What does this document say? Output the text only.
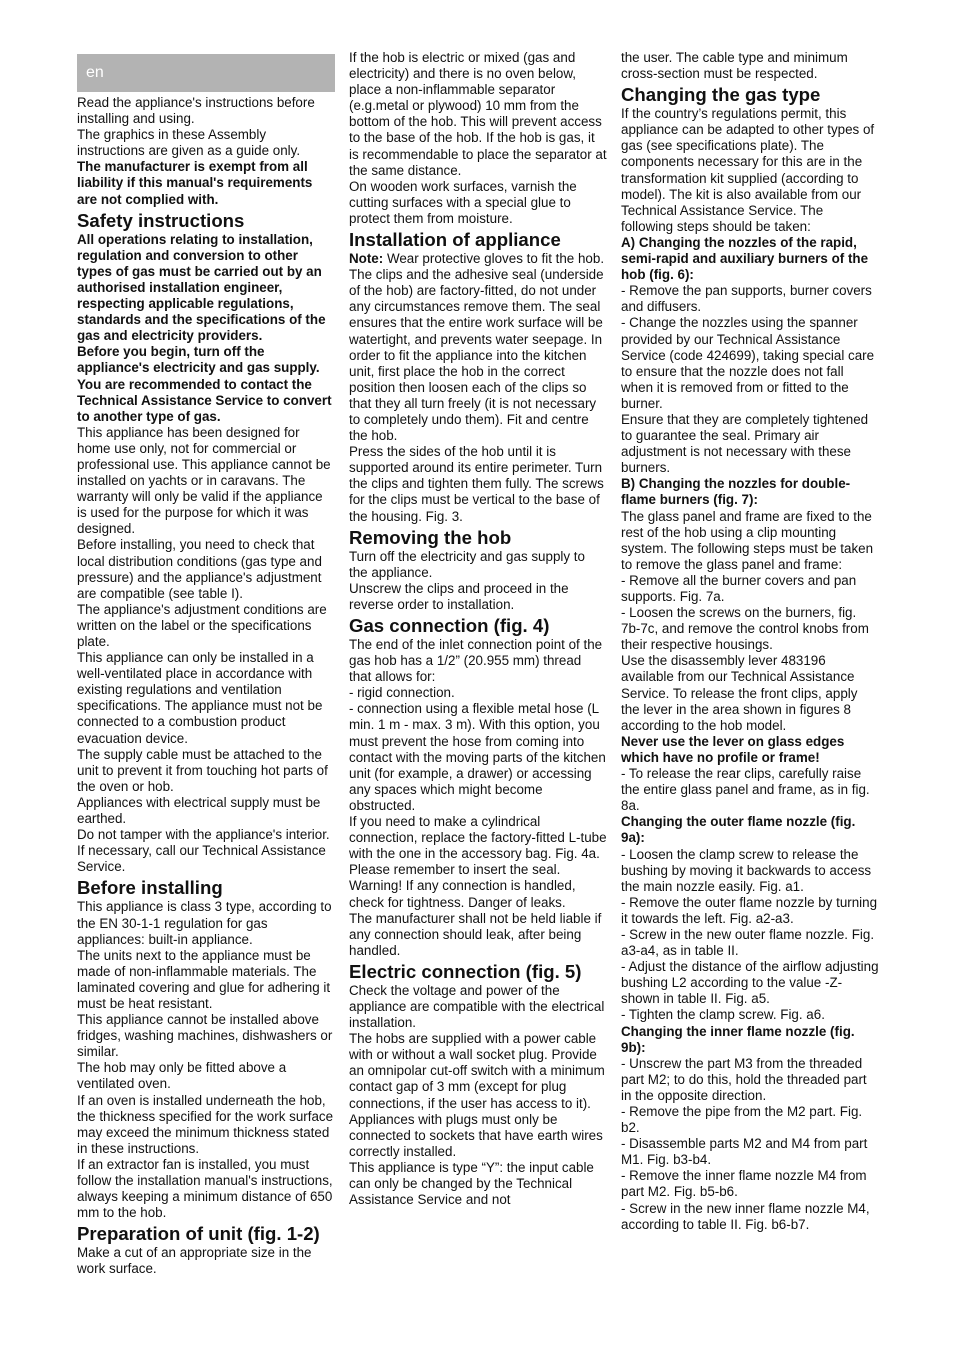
en

Read the appliance's instructions before installing and using.

The graphics in these Assembly instructions are given as a guide only.

The manufacturer is exempt from all liability if this manual's requirements are not complied with.

Safety instructions

All operations relating to installation, regulation and conversion to other types of gas must be carried out by an authorised installation engineer, respecting applicable regulations, standards and the specifications of the gas and electricity providers.

Before you begin, turn off the appliance's electricity and gas supply.

You are recommended to contact the Technical Assistance Service to convert to another type of gas.

This appliance has been designed for home use only, not for commercial or professional use. This appliance cannot be installed on yachts or in caravans. The warranty will only be valid if the appliance is used for the purpose for which it was designed.

Before installing, you need to check that local distribution conditions (gas type and pressure) and the appliance's adjustment are compatible (see table I).

The appliance's adjustment conditions are written on the label or the specifications plate.

This appliance can only be installed in a well-ventilated place in accordance with existing regulations and ventilation specifications. The appliance must not be connected to a combustion product evacuation device.

The supply cable must be attached to the unit to prevent it from touching hot parts of the oven or hob.

Appliances with electrical supply must be earthed.

Do not tamper with the appliance's interior. If necessary, call our Technical Assistance Service.

Before installing

This appliance is class 3 type, according to the EN 30-1-1 regulation for gas appliances: built-in appliance.

The units next to the appliance must be made of non-inflammable materials. The laminated covering and glue for adhering it must be heat resistant.

This appliance cannot be installed above fridges, washing machines, dishwashers or similar.

The hob may only be fitted above a ventilated oven.

If an oven is installed underneath the hob, the thickness specified for the work surface may exceed the minimum thickness stated in these instructions.

If an extractor fan is installed, you must follow the installation manual's instructions, always keeping a minimum distance of 650 mm to the hob.

Preparation of unit (fig. 1-2)

Make a cut of an appropriate size in the work surface.

If the hob is electric or mixed (gas and electricity) and there is no oven below, place a non-inflammable separator (e.g.metal or plywood) 10 mm from the bottom of the hob. This will prevent access to the base of the hob. If the hob is gas, it is recommendable to place the separator at the same distance.

On wooden work surfaces, varnish the cutting surfaces with a special glue to protect them from moisture.

Installation of appliance

Note: Wear protective gloves to fit the hob.

The clips and the adhesive seal (underside of the hob) are factory-fitted, do not under any circumstances remove them. The seal ensures that the entire work surface will be watertight, and prevents water seepage. In order to fit the appliance into the kitchen unit, first place the hob in the correct position then loosen each of the clips so that they all turn freely (it is not necessary to completely undo them). Fit and centre the hob.

Press the sides of the hob until it is supported around its entire perimeter. Turn the clips and tighten them fully. The screws for the clips must be vertical to the base of the housing. Fig. 3.

Removing the hob

Turn off the electricity and gas supply to the appliance.

Unscrew the clips and proceed in the reverse order to installation.

Gas connection (fig. 4)

The end of the inlet connection point of the gas hob has a 1/2” (20.955 mm) thread that allows for:

- rigid connection.

- connection using a flexible metal hose (L min. 1 m - max. 3 m). With this option, you must prevent the hose from coming into contact with the moving parts of the kitchen unit (for example, a drawer) or accessing any spaces which might become obstructed.

If you need to make a cylindrical connection, replace the factory-fitted L-tube with the one in the accessory bag. Fig. 4a.

Please remember to insert the seal.

Warning! If any connection is handled, check for tightness. Danger of leaks.

The manufacturer shall not be held liable if any connection should leak, after being handled.

Electric connection (fig. 5)

Check the voltage and power of the appliance are compatible with the electrical installation.

The hobs are supplied with a power cable with or without a wall socket plug. Provide an omnipolar cut-off switch with a minimum contact gap of 3 mm (except for plug connections, if the user has access to it).

Appliances with plugs must only be connected to sockets that have earth wires correctly installed.

This appliance is type “Y”: the input cable can only be changed by the Technical Assistance Service and not

the user. The cable type and minimum cross-section must be respected.

Changing the gas type

If the country’s regulations permit, this appliance can be adapted to other types of gas (see specifications plate). The components necessary for this are in the transformation kit supplied (according to model). The kit is also available from our Technical Assistance Service. The following steps should be taken:

A) Changing the nozzles of the rapid, semi-rapid and auxiliary burners of the hob (fig. 6):

- Remove the pan supports, burner covers and diffusers.

- Change the nozzles using the spanner provided by our Technical Assistance Service (code 424699), taking special care to ensure that the nozzle does not fall when it is removed from or fitted to the burner.

Ensure that they are completely tightened to guarantee the seal. Primary air adjustment is not necessary with these burners.

B) Changing the nozzles for double-flame burners (fig. 7):

The glass panel and frame are fixed to the rest of the hob using a clip mounting system. The following steps must be taken to remove the glass panel and frame:

- Remove all the burner covers and pan supports. Fig. 7a.

- Loosen the screws on the burners, fig. 7b-7c, and remove the control knobs from their respective housings.

Use the disassembly lever 483196 available from our Technical Assistance Service. To release the front clips, apply the lever in the area shown in figures 8 according to the hob model.

Never use the lever on glass edges which have no profile or frame!

- To release the rear clips, carefully raise the entire glass panel and frame, as in fig. 8a.

Changing the outer flame nozzle (fig. 9a):

- Loosen the clamp screw to release the bushing by moving it backwards to access the main nozzle easily. Fig. a1.

- Remove the outer flame nozzle by turning it towards the left. Fig. a2-a3.

- Screw in the new outer flame nozzle. Fig. a3-a4, as in table II.

- Adjust the distance of the airflow adjusting bushing L2 according to the value -Z- shown in table II. Fig. a5.

- Tighten the clamp screw. Fig. a6.

Changing the inner flame nozzle (fig. 9b):

- Unscrew the part M3 from the threaded part M2; to do this, hold the threaded part in the opposite direction.

- Remove the pipe from the M2 part. Fig. b2.

- Disassemble parts M2 and M4 from part M1. Fig. b3-b4.

- Remove the inner flame nozzle M4 from part M2. Fig. b5-b6.

- Screw in the new inner flame nozzle M4, according to table II. Fig. b6-b7.
